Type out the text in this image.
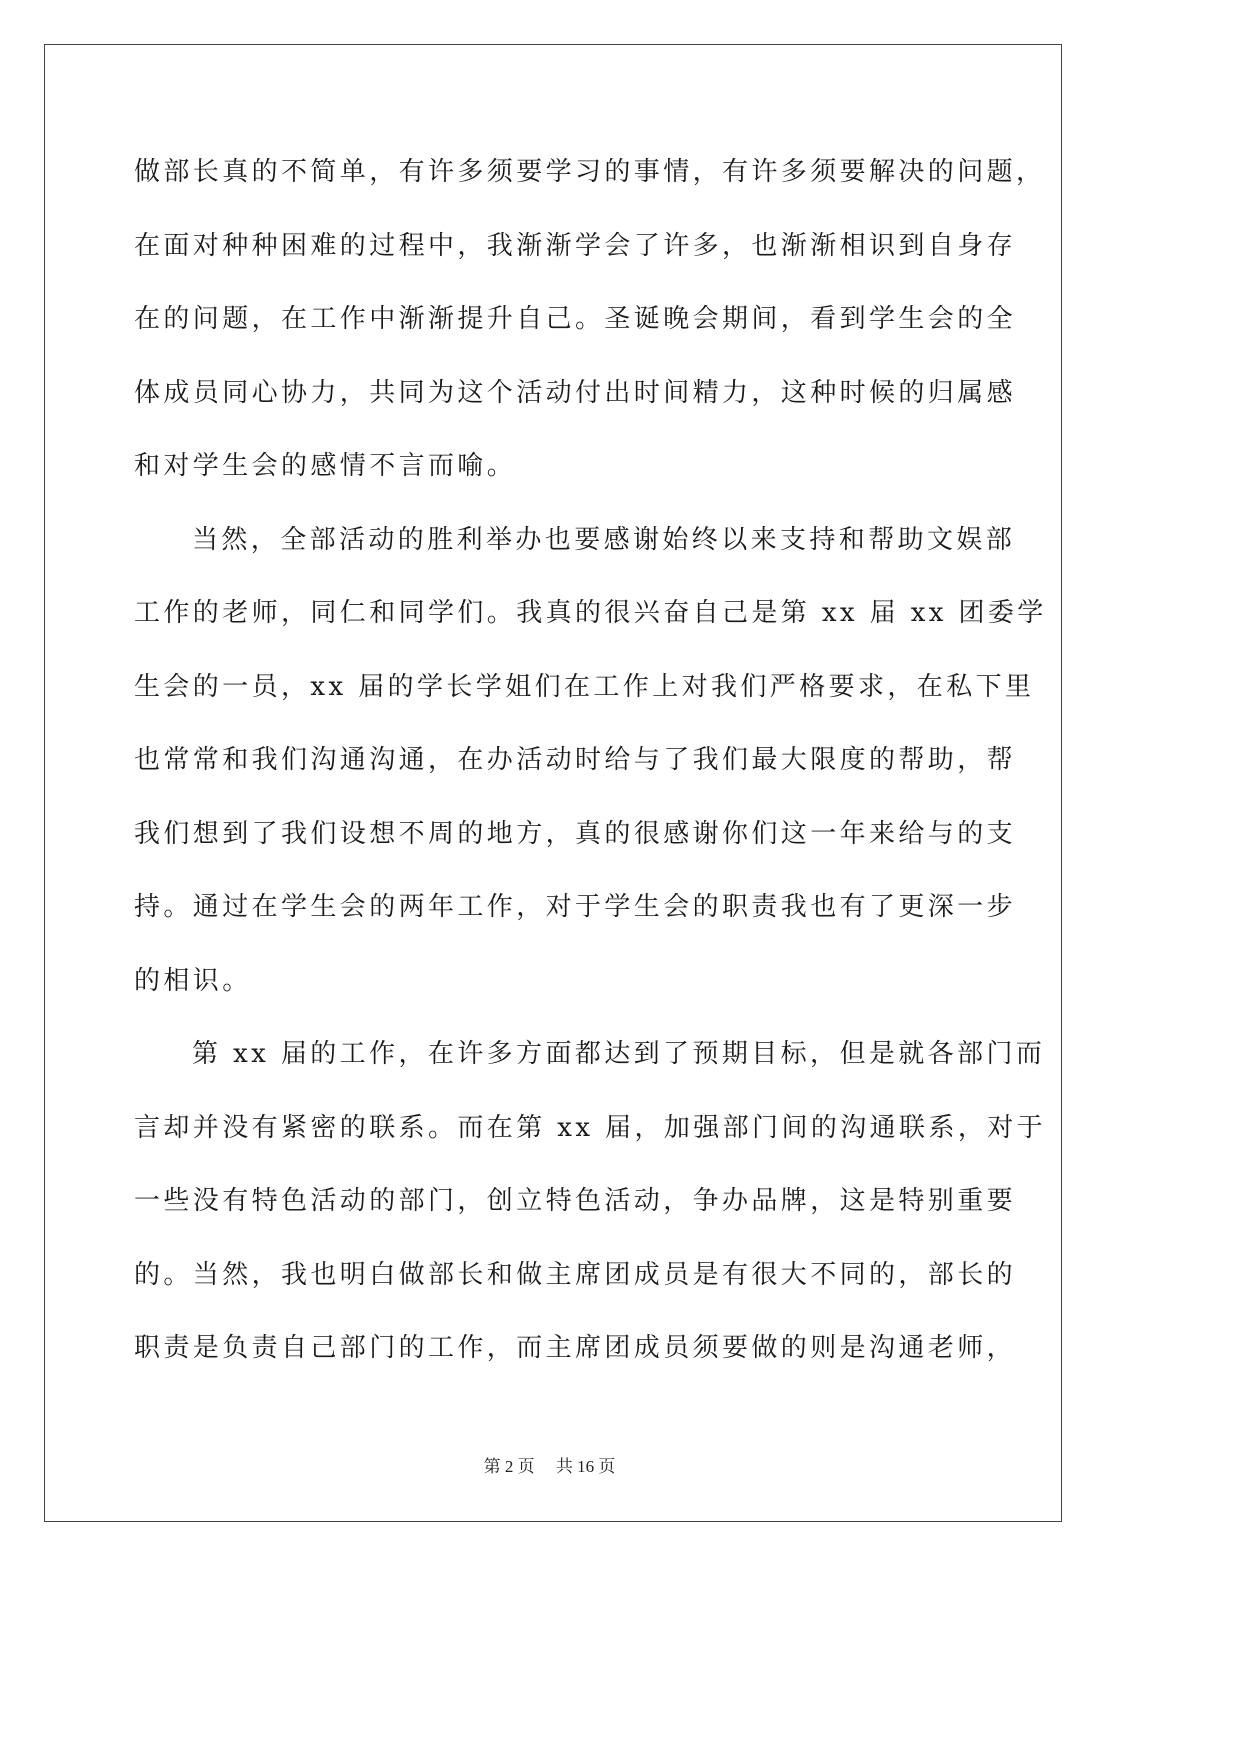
做部长真的不简单，有许多须要学习的事情，有许多须要解决的问题，
在面对种种困难的过程中，我渐渐学会了许多，也渐渐相识到自身存
在的问题，在工作中渐渐提升自己。圣诞晚会期间，看到学生会的全
体成员同心协力，共同为这个活动付出时间精力，这种时候的归属感
和对学生会的感情不言而喻。
当然，全部活动的胜利举办也要感谢始终以来支持和帮助文娱部
工作的老师，同仁和同学们。我真的很兴奋自己是第 xx 届 xx 团委学
生会的一员，xx 届的学长学姐们在工作上对我们严格要求，在私下里
也常常和我们沟通沟通，在办活动时给与了我们最大限度的帮助，帮
我们想到了我们设想不周的地方，真的很感谢你们这一年来给与的支
持。通过在学生会的两年工作，对于学生会的职责我也有了更深一步
的相识。
第 xx 届的工作，在许多方面都达到了预期目标，但是就各部门而
言却并没有紧密的联系。而在第 xx 届，加强部门间的沟通联系，对于
一些没有特色活动的部门，创立特色活动，争办品牌，这是特别重要
的。当然，我也明白做部长和做主席团成员是有很大不同的，部长的
职责是负责自己部门的工作，而主席团成员须要做的则是沟通老师，
第 2 页 共 16 页
